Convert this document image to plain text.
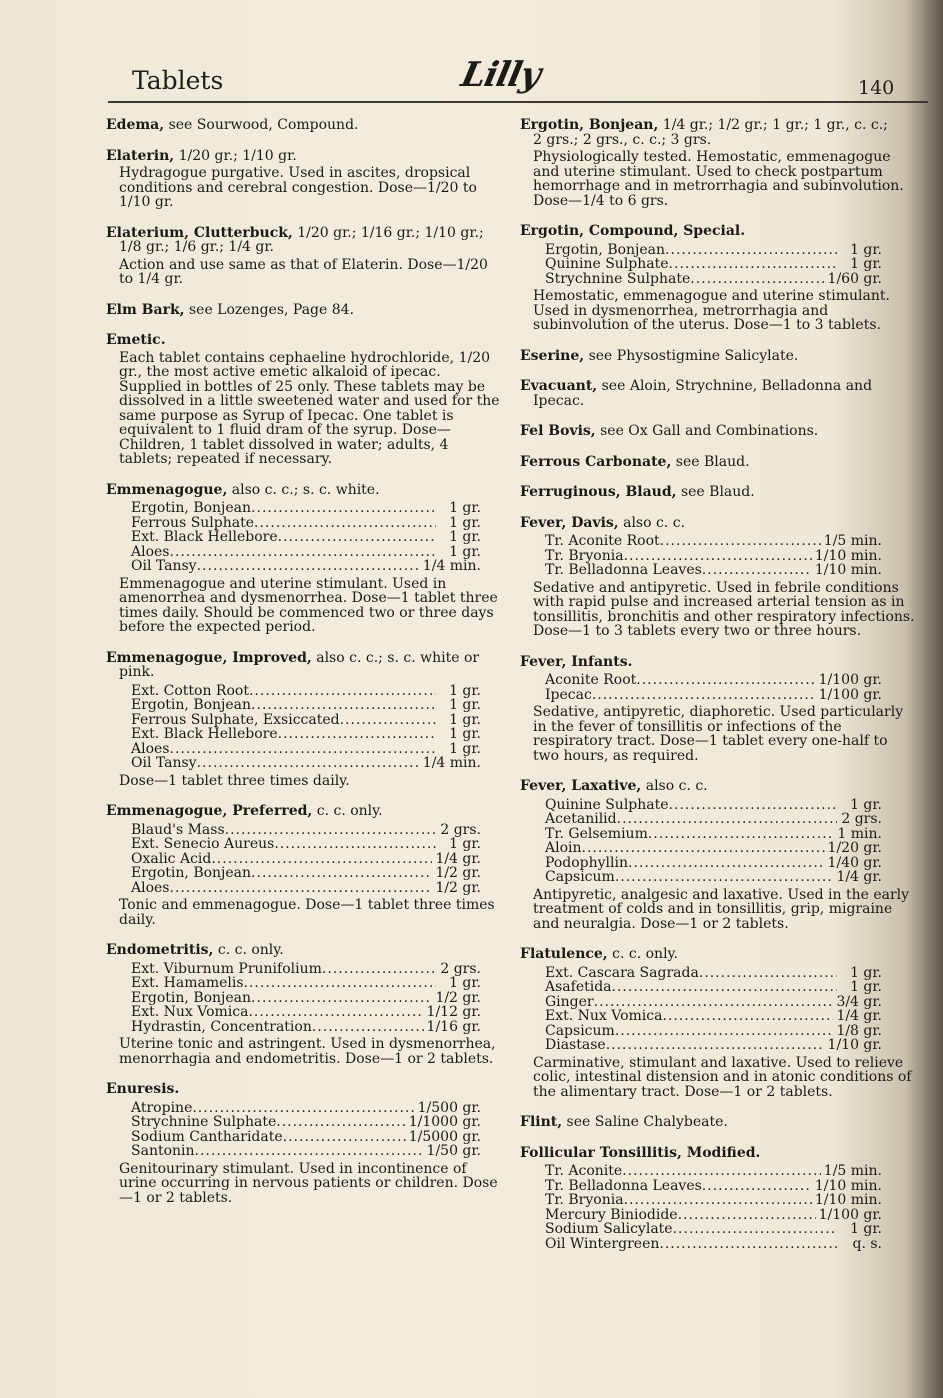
Tablets	Lilly	140
Edema, see Sourwood, Compound.
Elaterin, 1/20 gr.; 1/10 gr.
Hydragogue purgative. Used in ascites, dropsical conditions and cerebral congestion. Dose—1/20 to 1/10 gr.
Elaterium, Clutterbuck, 1/20 gr.; 1/16 gr.; 1/10 gr.;
1/8 gr.; 1/6 gr.; 1/4 gr.
Action and use same as that of Elaterin. Dose—1/20 to 1/4 gr.
Elm Bark, see Lozenges, Page 84.
Emetic.
Each tablet contains cephaeline hydrochloride, 1/20 gr., the most active emetic alkaloid of ipecac. Supplied in bottles of 25 only. These tablets may be dissolved in a little sweetened water and used for the same purpose as Syrup of Ipecac. One tablet is equivalent to 1 fluid dram of the syrup. Dose—Children, 1 tablet dissolved in water; adults, 4 tablets; repeated if necessary.
Emmenagogue, also c. c.; s. c. white.
Ergotin, Bonjean .....	1 gr.
Ferrous Sulphate .....	1 gr.
Ext. Black Hellebore .....	1 gr.
Aloes .....	1 gr.
Oil Tansy .....	1/4 min.
Emmenagogue and uterine stimulant. Used in amenorrhea and dysmenorrhea. Dose—1 tablet three times daily. Should be commenced two or three days before the expected period.
Emmenagogue, Improved, also c. c.; s. c. white or
pink.
Ext. Cotton Root .....	1 gr.
Ergotin, Bonjean .....	1 gr.
Ferrous Sulphate, Exsiccated .....	1 gr.
Ext. Black Hellebore .....	1 gr.
Aloes .....	1 gr.
Oil Tansy .....	1/4 min.
Dose—1 tablet three times daily.
Emmenagogue, Preferred, c. c. only.
Blaud's Mass .....	2 grs.
Ext. Senecio Aureus .....	1 gr.
Oxalic Acid .....	1/4 gr.
Ergotin, Bonjean .....	1/2 gr.
Aloes .....	1/2 gr.
Tonic and emmenagogue. Dose—1 tablet three times daily.
Endometritis, c. c. only.
Ext. Viburnum Prunifolium .....	2 grs.
Ext. Hamamelis .....	1 gr.
Ergotin, Bonjean .....	1/2 gr.
Ext. Nux Vomica .....	1/12 gr.
Hydrastin, Concentration .....	1/16 gr.
Uterine tonic and astringent. Used in dysmenorrhea, menorrhagia and endometritis. Dose—1 or 2 tablets.
Enuresis.
Atropine .....	1/500 gr.
Strychnine Sulphate .....	1/1000 gr.
Sodium Cantharidate .....	1/5000 gr.
Santonin .....	1/50 gr.
Genitourinary stimulant. Used in incontinence of urine occurring in nervous patients or children. Dose—1 or 2 tablets.
Ergotin, Bonjean, 1/4 gr.; 1/2 gr.; 1 gr.; 1 gr., c. c.;
2 grs.; 2 grs., c. c.; 3 grs.
Physiologically tested. Hemostatic, emmenagogue and uterine stimulant. Used to check postpartum hemorrhage and in metrorrhagia and subinvolution. Dose—1/4 to 6 grs.
Ergotin, Compound, Special.
Ergotin, Bonjean .....	1 gr.
Quinine Sulphate .....	1 gr.
Strychnine Sulphate .....	1/60 gr.
Hemostatic, emmenagogue and uterine stimulant. Used in dysmenorrhea, metrorrhagia and subinvolution of the uterus. Dose—1 to 3 tablets.
Eserine, see Physostigmine Salicylate.
Evacuant, see Aloin, Strychnine, Belladonna and
Ipecac.
Fel Bovis, see Ox Gall and Combinations.
Ferrous Carbonate, see Blaud.
Ferruginous, Blaud, see Blaud.
Fever, Davis, also c. c.
Tr. Aconite Root .....	1/5 min.
Tr. Bryonia .....	1/10 min.
Tr. Belladonna Leaves .....	1/10 min.
Sedative and antipyretic. Used in febrile conditions with rapid pulse and increased arterial tension as in tonsillitis, bronchitis and other respiratory infections. Dose—1 to 3 tablets every two or three hours.
Fever, Infants.
Aconite Root .....	1/100 gr.
Ipecac .....	1/100 gr.
Sedative, antipyretic, diaphoretic. Used particularly in the fever of tonsillitis or infections of the respiratory tract. Dose—1 tablet every one-half to two hours, as required.
Fever, Laxative, also c. c.
Quinine Sulphate .....	1 gr.
Acetanilid .....	2 grs.
Tr. Gelsemium .....	1 min.
Aloin .....	1/20 gr.
Podophyllin .....	1/40 gr.
Capsicum .....	1/4 gr.
Antipyretic, analgesic and laxative. Used in the early treatment of colds and in tonsillitis, grip, migraine and neuralgia. Dose—1 or 2 tablets.
Flatulence, c. c. only.
Ext. Cascara Sagrada .....	1 gr.
Asafetida .....	1 gr.
Ginger .....	3/4 gr.
Ext. Nux Vomica .....	1/4 gr.
Capsicum .....	1/8 gr.
Diastase .....	1/10 gr.
Carminative, stimulant and laxative. Used to relieve colic, intestinal distension and in atonic conditions of the alimentary tract. Dose—1 or 2 tablets.
Flint, see Saline Chalybeate.
Follicular Tonsillitis, Modified.
Tr. Aconite .....	1/5 min.
Tr. Belladonna Leaves .....	1/10 min.
Tr. Bryonia .....	1/10 min.
Mercury Biniodide .....	1/100 gr.
Sodium Salicylate .....	1 gr.
Oil Wintergreen .....	q. s.
